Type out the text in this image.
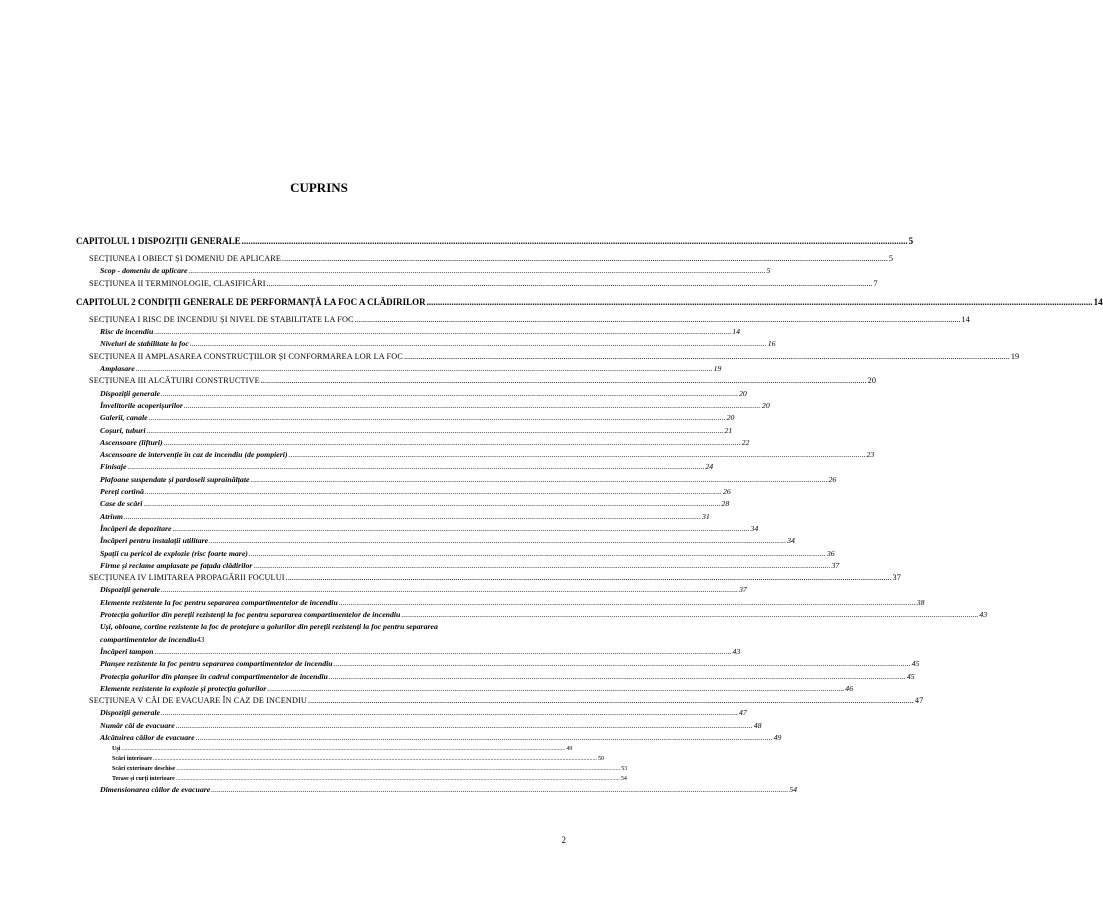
CUPRINS
CAPITOLUL 1 DISPOZIȚII GENERALE .....	5
SECȚIUNEA I OBIECT ȘI DOMENIU DE APLICARE .....	5
Scop - domeniu de aplicare .....	5
SECȚIUNEA II TERMINOLOGIE, CLASIFICĂRI .....	7
CAPITOLUL 2 CONDIȚII GENERALE DE PERFORMANȚĂ LA FOC A CLĂDIRILOR .....	14
SECȚIUNEA I RISC DE INCENDIU ȘI NIVEL DE STABILITATE LA FOC .....	14
Risc de incendiu .....	14
Niveluri de stabilitate la foc .....	16
SECȚIUNEA II AMPLASAREA CONSTRUCȚIILOR ȘI CONFORMAREA LOR LA FOC .....	19
Amplasare .....	19
SECȚIUNEA III ALCĂTUIRI CONSTRUCTIVE .....	20
Dispoziții generale .....	20
Învelitorile acoperișurilor .....	20
Galerii, canale .....	20
Coșuri, tuburi .....	21
Ascensoare (lifturi) .....	22
Ascensoare de intervenție în caz de incendiu (de pompieri) .....	23
Finisaje .....	24
Plafoane suspendate și pardoseli supraînălțate .....	26
Pereți cortină .....	26
Case de scări .....	28
Atrium .....	31
Încăperi de depozitare .....	34
Încăperi pentru instalații utilitare .....	34
Spații cu pericol de explozie (risc foarte mare) .....	36
Firme și reclame amplasate pe fațada clădirilor .....	37
SECȚIUNEA IV LIMITAREA PROPAGĂRII FOCULUI .....	37
Dispoziții generale .....	37
Elemente rezistente la foc pentru separarea compartimentelor de incendiu .....	38
Protecția golurilor din pereții rezistenți la foc pentru separarea compartimentelor de incendiu .....	43
Uși, obloane, cortine rezistente la foc de protejare a golurilor din pereții rezistenți la foc pentru separarea
compartimentelor de incendiu 43
Încăperi tampon .....	43
Planșee rezistente la foc pentru separarea compartimentelor de incendiu .....	45
Protecția golurilor din planșee în cadrul compartimentelor de incendiu .....	45
Elemente rezistente la explozie și protecția golurilor .....	46
SECȚIUNEA V CĂI DE EVACUARE ÎN CAZ DE INCENDIU .....	47
Dispoziții generale .....	47
Număr căi de evacuare .....	48
Alcătuirea căilor de evacuare .....	49
Uși .....	49
Scări interioare .....	50
Scări exterioare deschise .....	53
Terase și curți interioare .....	54
Dimensionarea căilor de evacuare .....	54
2
